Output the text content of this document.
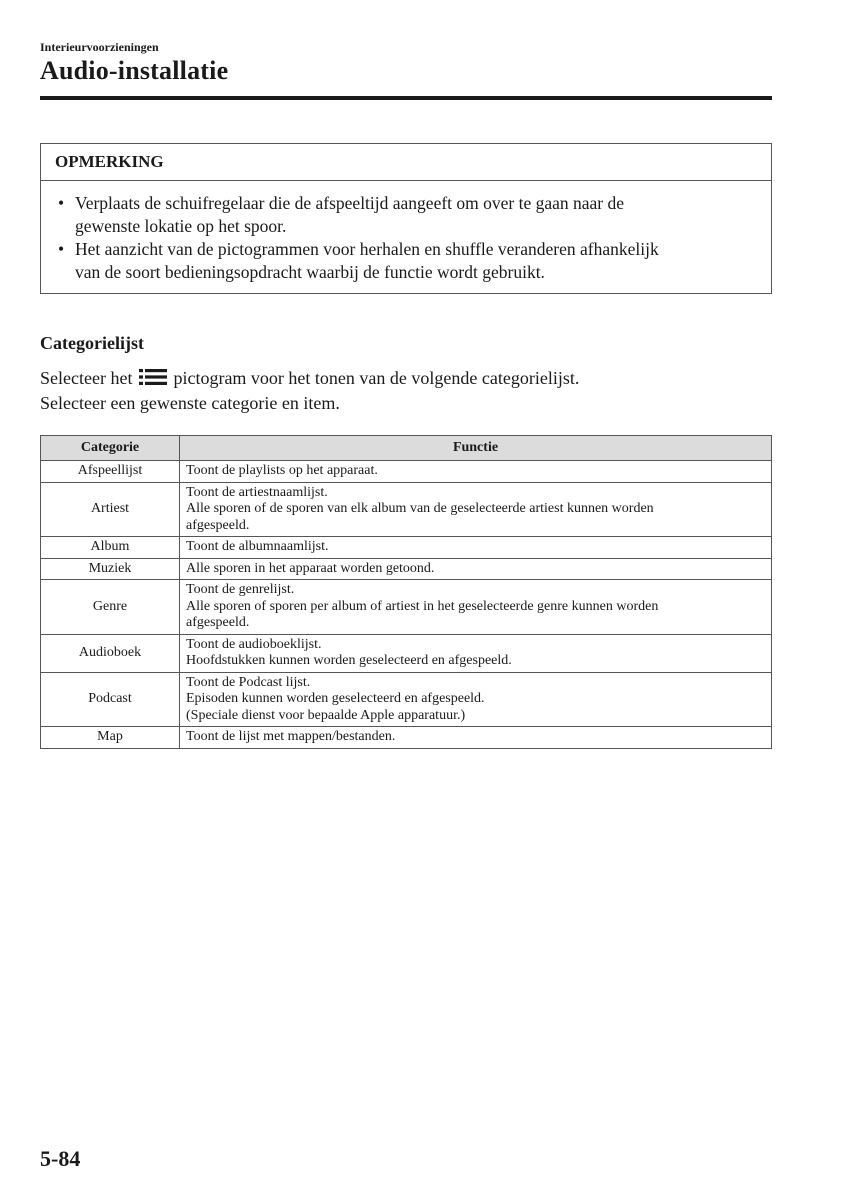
Interieurvoorzieningen
Audio-installatie
OPMERKING
• Verplaats de schuifregelaar die de afspeeltijd aangeeft om over te gaan naar de
gewenste lokatie op het spoor.
• Het aanzicht van de pictogrammen voor herhalen en shuffle veranderen afhankelijk
van de soort bedieningsopdracht waarbij de functie wordt gebruikt.
Categorielijst
Selecteer het pictogram voor het tonen van de volgende categorielijst.
Selecteer een gewenste categorie en item.
Categorie	Functie
Afspeellijst	Toont de playlists op het apparaat.

Artiest	Toont de artiestnaamlijst.
Alle sporen of de sporen van elk album van de geselecteerde artiest kunnen worden
afgespeeld.

Album	Toont de albumnaamlijst.

Muziek	Alle sporen in het apparaat worden getoond.

Genre	Toont de genrelijst.
Alle sporen of sporen per album of artiest in het geselecteerde genre kunnen worden
afgespeeld.

Audioboek	Toont de audioboeklijst.
Hoofdstukken kunnen worden geselecteerd en afgespeeld.

Podcast	Toont de Podcast lijst.
Episoden kunnen worden geselecteerd en afgespeeld.
(Speciale dienst voor bepaalde Apple apparatuur.)

Map	Toont de lijst met mappen/bestanden.
5-84
